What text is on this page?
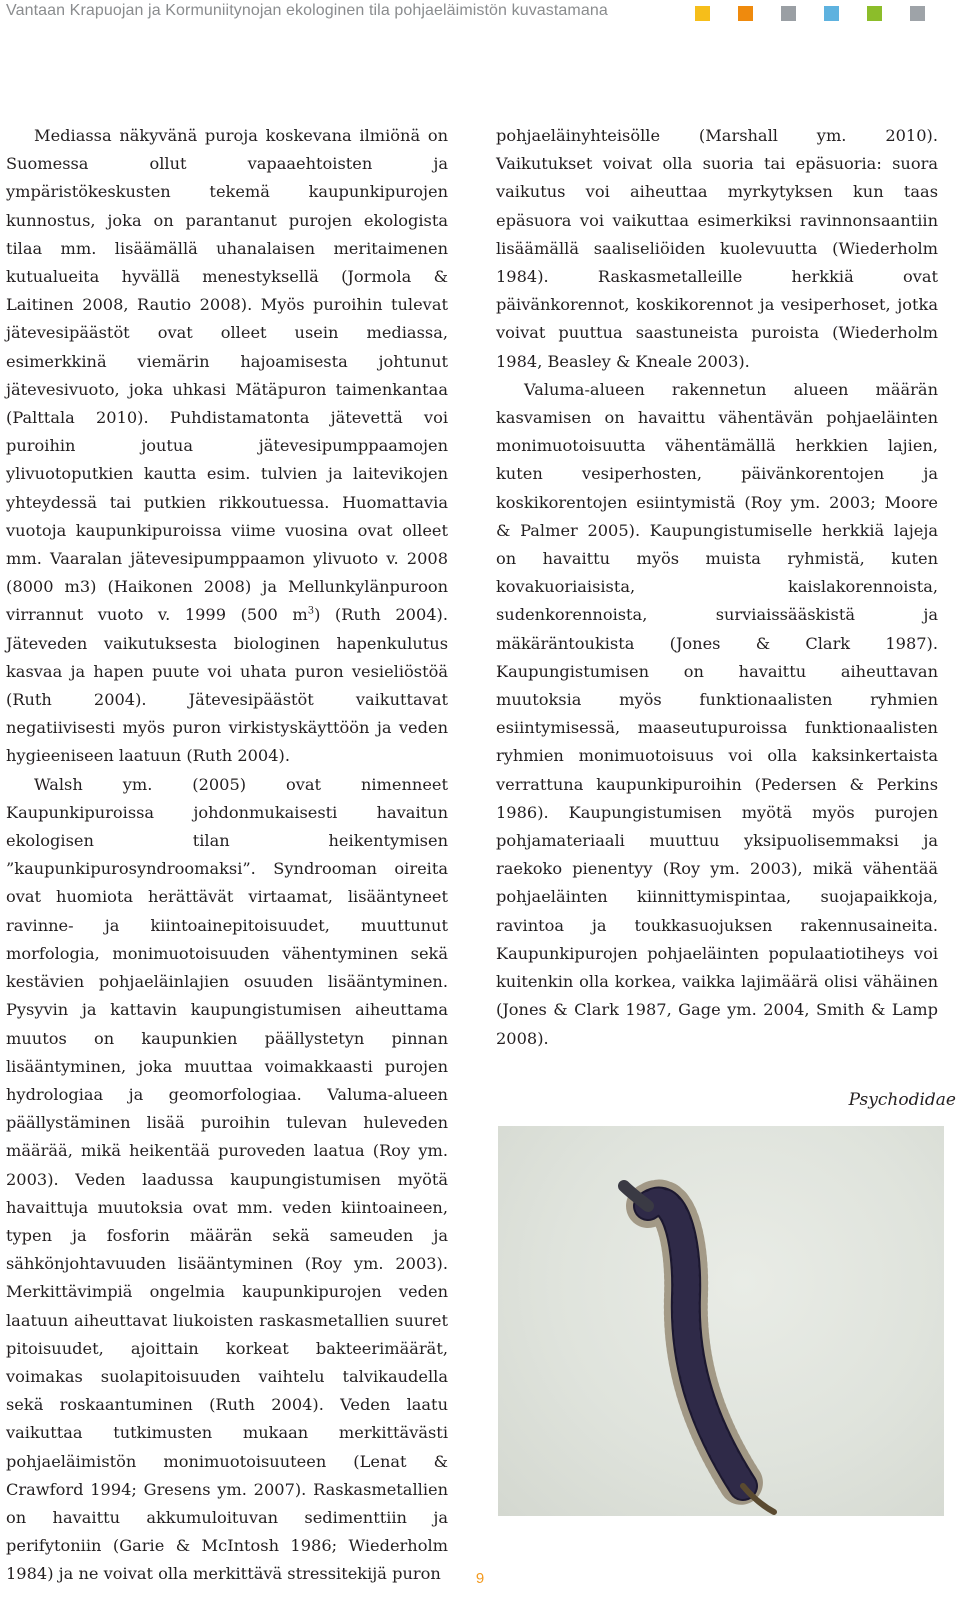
Vantaan Krapuojan ja Kormuniitynojan ekologinen tila pohjaeläimistön kuvastamana

Mediassa näkyvänä puroja koskevana ilmiönä on Suomessa ollut vapaaehtoisten ja ympäristökeskusten tekemä kaupunkipurojen kunnostus, joka on parantanut purojen ekologista tilaa mm. lisäämällä uhanalaisen meritaimenen kutualueita hyvällä menestyksellä (Jormola & Laitinen 2008, Rautio 2008). Myös puroihin tulevat jätevesipäästöt ovat olleet usein mediassa, esimerkkinä viemärin hajoamisesta johtunut jätevesivuoto, joka uhkasi Mätäpuron taimenkantaa (Palttala 2010). Puhdistamatonta jätevettä voi puroihin joutua jätevesipumppaamojen ylivuotoputkien kautta esim. tulvien ja laitevikojen yhteydessä tai putkien rikkoutuessa. Huomattavia vuotoja kaupunkipuroissa viime vuosina ovat olleet mm. Vaaralan jätevesipumppaamon ylivuoto v. 2008 (8000 m3) (Haikonen 2008) ja Mellunkylänpuroon virrannut vuoto v. 1999 (500 $m^3$) (Ruth 2004). Jäteveden vaikutuksesta biologinen hapenkulutus kasvaa ja hapen puute voi uhata puron vesieliöstöä (Ruth 2004). Jätevesipäästöt vaikuttavat negatiivisesti myös puron virkistyskäyttöön ja veden hygieeniseen laatuun (Ruth 2004).

Walsh ym. (2005) ovat nimenneet Kaupunkipuroissa johdonmukaisesti havaitun ekologisen tilan heikentymisen ”kaupunkipurosyndroomaksi”. Syndrooman oireita ovat huomiota herättävät virtaamat, lisääntyneet ravinne- ja kiintoainepitoisuudet, muuttunut morfologia, monimuotoisuuden vähentyminen sekä kestävien pohjaeläinlajien osuuden lisääntyminen. Pysyvin ja kattavin kaupungistumisen aiheuttama muutos on kaupunkien päällystetyn pinnan lisääntyminen, joka muuttaa voimakkaasti purojen hydrologiaa ja geomorfologiaa. Valuma-alueen päällystäminen lisää puroihin tulevan huleveden määrää, mikä heikentää puroveden laatua (Roy ym. 2003). Veden laadussa kaupungistumisen myötä havaittuja muutoksia ovat mm. veden kiintoaineen, typen ja fosforin määrän sekä sameuden ja sähkönjohtavuuden lisääntyminen (Roy ym. 2003). Merkittävimpiä ongelmia kaupunkipurojen veden laatuun aiheuttavat liukoisten raskasmetallien suuret pitoisuudet, ajoittain korkeat bakteerimäärät, voimakas suolapitoisuuden vaihtelu talvikaudella sekä roskaantuminen (Ruth 2004). Veden laatu vaikuttaa tutkimusten mukaan merkittävästi pohjaeläimistön monimuotoisuuteen (Lenat & Crawford 1994; Gresens ym. 2007). Raskasmetallien on havaittu akkumuloituvan sedimenttiin ja perifytoniin (Garie & McIntosh 1986; Wiederholm 1984) ja ne voivat olla merkittävä stressitekijä puron

pohjaeläinyhteisölle (Marshall ym. 2010). Vaikutukset voivat olla suoria tai epäsuoria: suora vaikutus voi aiheuttaa myrkytyksen kun taas epäsuora voi vaikuttaa esimerkiksi ravinnonsaantiin lisäämällä saaliseliöiden kuolevuutta (Wiederholm 1984). Raskasmetalleille herkkiä ovat päivänkorennot, koskikorennot ja vesiperhoset, jotka voivat puuttua saastuneista puroista (Wiederholm 1984, Beasley & Kneale 2003).

Valuma-alueen rakennetun alueen määrän kasvamisen on havaittu vähentävän pohjaeläinten monimuotoisuutta vähentämällä herkkien lajien, kuten vesiperhosten, päivänkorentojen ja koskikorentojen esiintymistä (Roy ym. 2003; Moore & Palmer 2005). Kaupungistumiselle herkkiä lajeja on havaittu myös muista ryhmistä, kuten kovakuoriaisista, kaislakorennoista, sudenkorennoista, surviaissääskistä ja mäkäräntoukista (Jones & Clark 1987). Kaupungistumisen on havaittu aiheuttavan muutoksia myös funktionaalisten ryhmien esiintymisessä, maaseutupuroissa funktionaalisten ryhmien monimuotoisuus voi olla kaksinkertaista verrattuna kaupunkipuroihin (Pedersen & Perkins 1986). Kaupungistumisen myötä myös purojen pohjamateriaali muuttuu yksipuolisemmaksi ja raekoko pienentyy (Roy ym. 2003), mikä vähentää pohjaeläinten kiinnittymispintaa, suojapaikkoja, ravintoa ja toukkasuojuksen rakennusaineita. Kaupunkipurojen pohjaeläinten populaatiotiheys voi kuitenkin olla korkea, vaikka lajimäärä olisi vähäinen (Jones & Clark 1987, Gage ym. 2004, Smith & Lamp 2008).

Psychodidae
9
